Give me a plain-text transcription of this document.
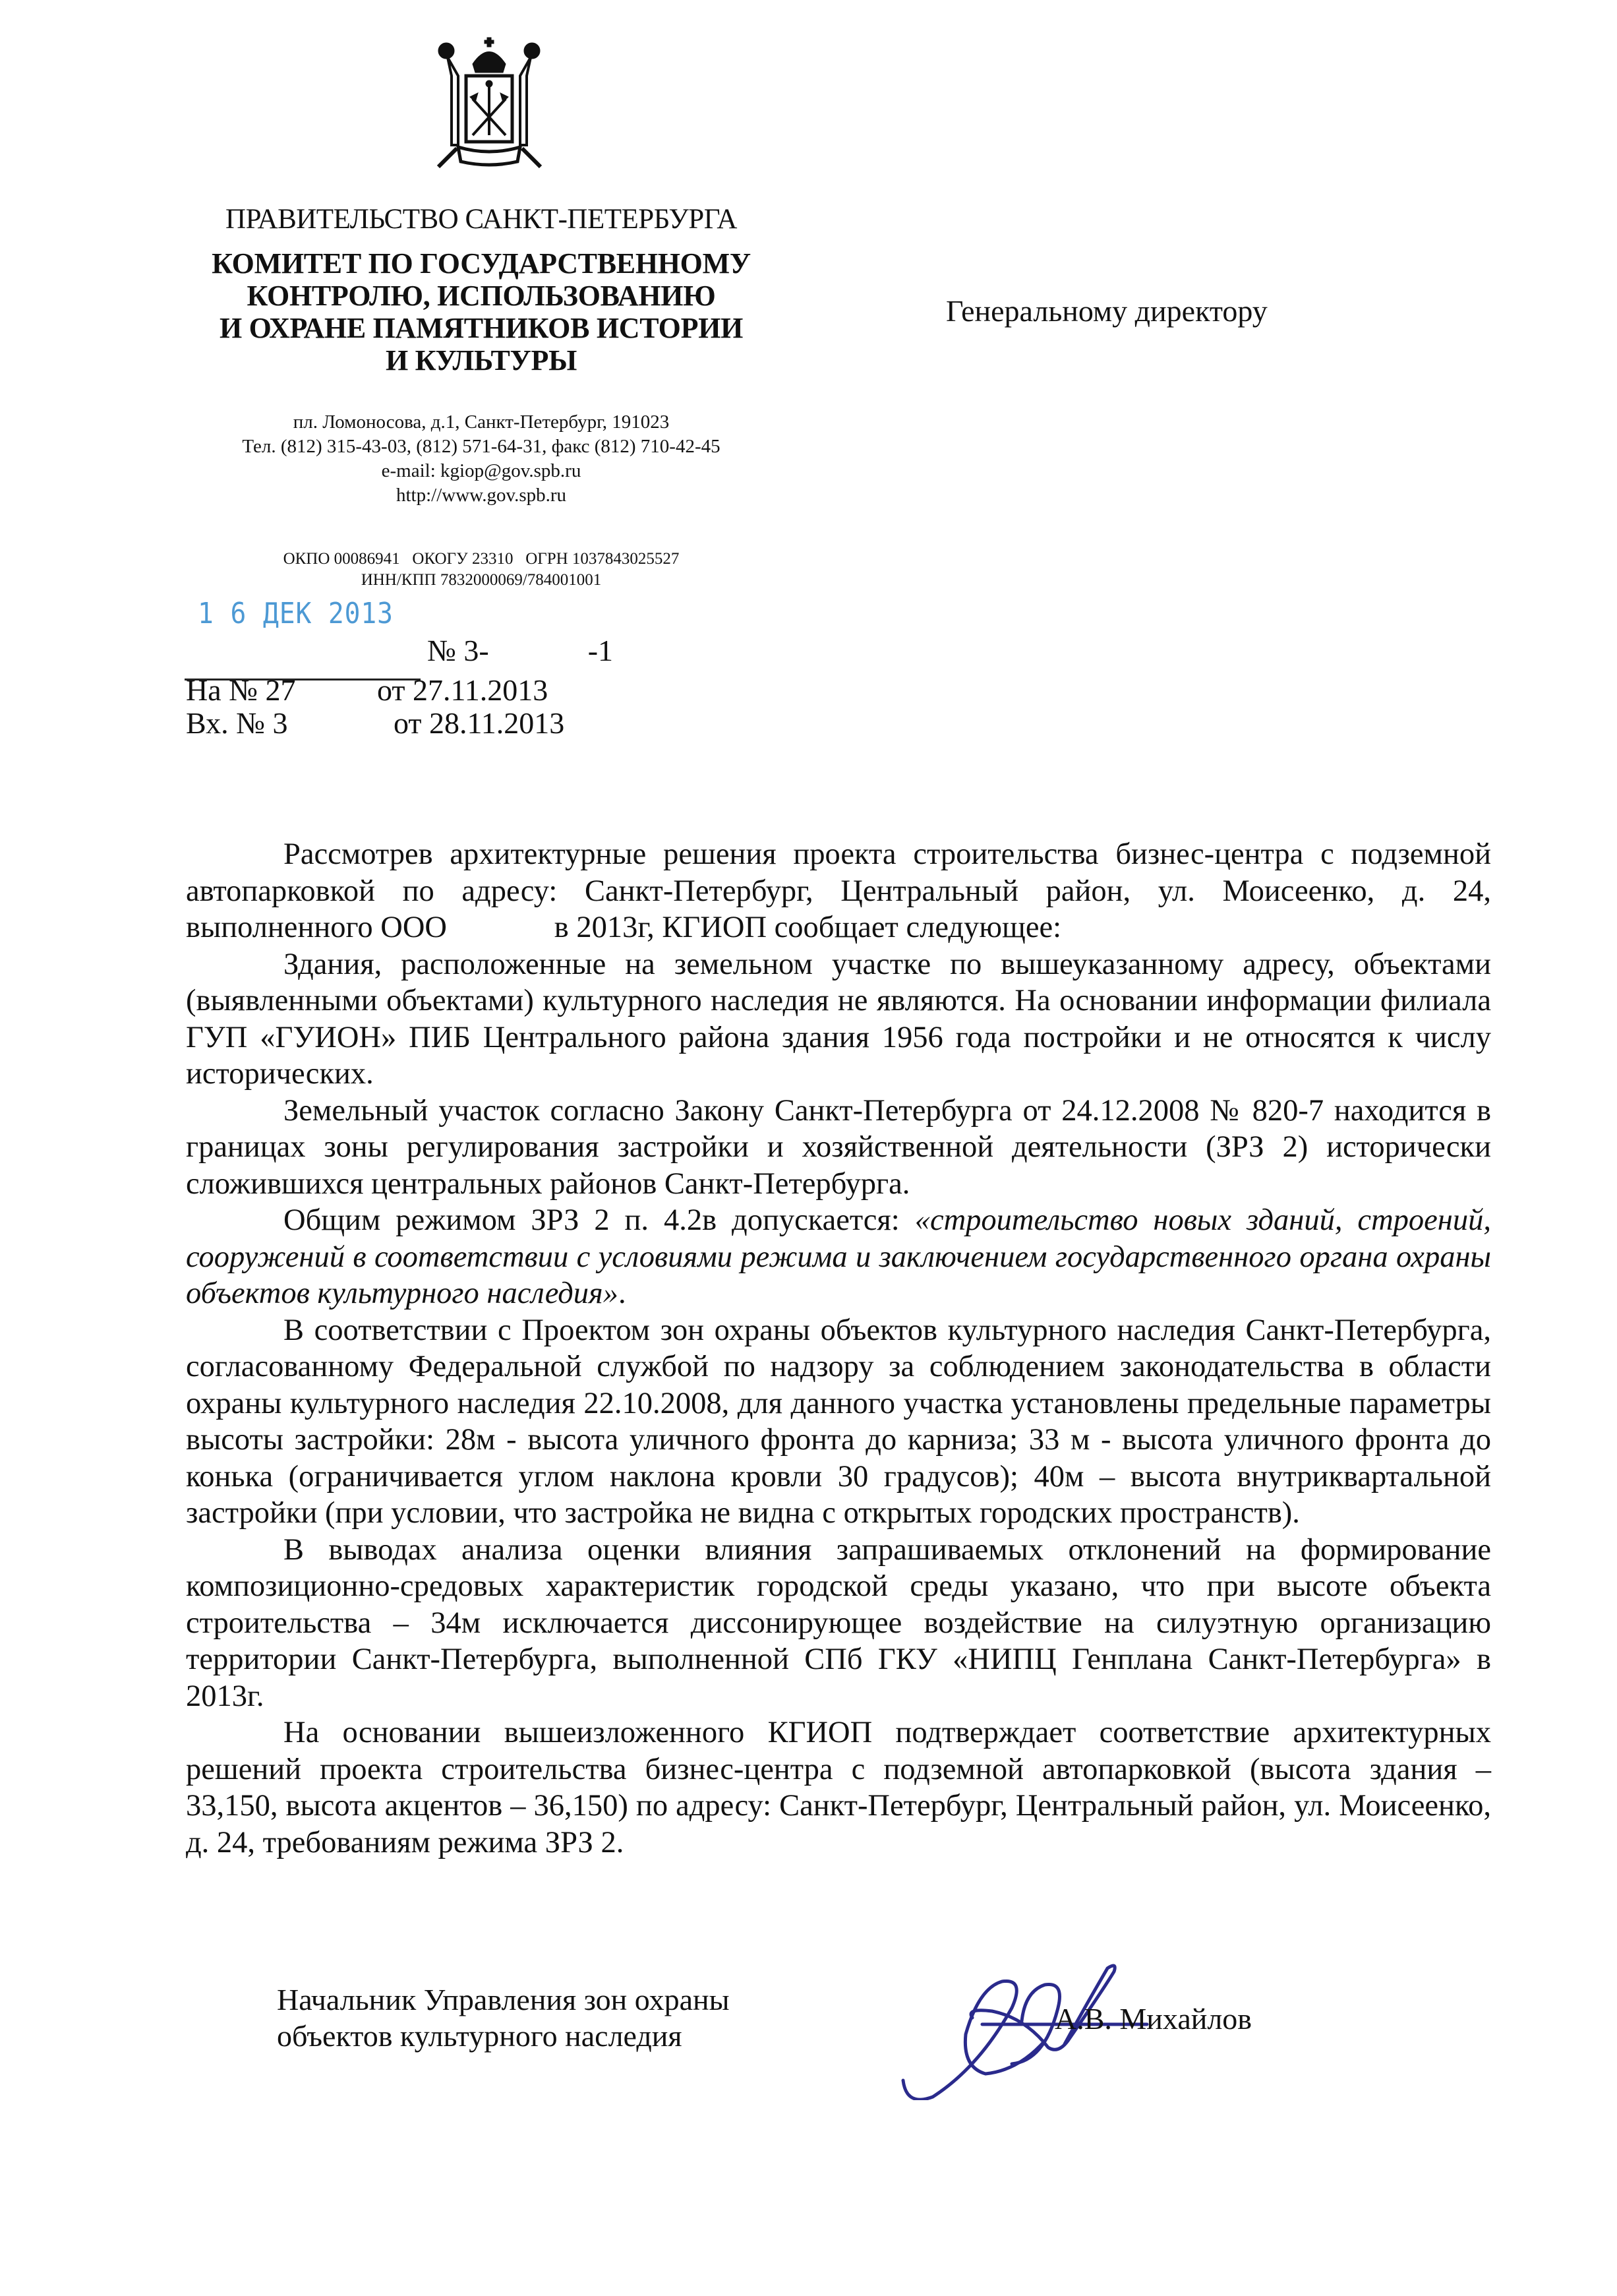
ПРАВИТЕЛЬСТВО САНКТ-ПЕТЕРБУРГА
КОМИТЕТ ПО ГОСУДАРСТВЕННОМУ
КОНТРОЛЮ, ИСПОЛЬЗОВАНИЮ
И ОХРАНЕ ПАМЯТНИКОВ ИСТОРИИ
И КУЛЬТУРЫ
пл. Ломоносова, д.1, Санкт-Петербург, 191023
Тел. (812) 315-43-03, (812) 571-64-31, факс (812) 710-42-45
e-mail: kgiop@gov.spb.ru
http://www.gov.spb.ru
ОКПО 00086941   ОКОГУ 23310   ОГРН 1037843025527
ИНН/КПП 7832000069/784001001
Генеральному директору
1 6 ДЕК 2013
№ 3-	-1
На № 27	от 27.11.2013
Вх. № 3	от 28.11.2013

Рассмотрев архитектурные решения проекта строительства бизнес-центра с подземной автопарковкой по адресу: Санкт-Петербург, Центральный район, ул. Моисеенко, д. 24, выполненного ООО              в 2013г, КГИОП сообщает следующее:

Здания, расположенные на земельном участке по вышеуказанному адресу, объектами (выявленными объектами) культурного наследия не являются. На основании информации филиала ГУП «ГУИОН» ПИБ Центрального района здания 1956 года постройки и не относятся к числу исторических.

Земельный участок согласно Закону Санкт-Петербурга от 24.12.2008 № 820-7 находится в границах зоны регулирования застройки и хозяйственной деятельности (ЗРЗ 2) исторически сложившихся центральных районов Санкт-Петербурга.

Общим режимом ЗРЗ 2 п. 4.2в допускается: «строительство новых зданий, строений, сооружений в соответствии с условиями режима и заключением государственного органа охраны объектов культурного наследия».

В соответствии с Проектом зон охраны объектов культурного наследия Санкт-Петербурга, согласованному Федеральной службой по надзору за соблюдением законодательства в области охраны культурного наследия 22.10.2008, для данного участка установлены предельные параметры высоты застройки: 28м - высота уличного фронта до карниза; 33 м - высота уличного фронта до конька (ограничивается углом наклона кровли 30 градусов); 40м – высота внутриквартальной застройки (при условии, что застройка не видна с открытых городских пространств).

В выводах анализа оценки влияния запрашиваемых отклонений на формирование композиционно-средовых характеристик городской среды указано, что при высоте объекта строительства – 34м исключается диссонирующее воздействие на силуэтную организацию территории Санкт-Петербурга, выполненной СПб ГКУ «НИПЦ Генплана Санкт-Петербурга» в 2013г.

На основании вышеизложенного КГИОП подтверждает соответствие архитектурных решений проекта строительства бизнес-центра с подземной автопарковкой (высота здания – 33,150, высота акцентов – 36,150) по адресу: Санкт-Петербург, Центральный район, ул. Моисеенко, д. 24, требованиям режима ЗРЗ 2.

Начальник Управления зон охраны
объектов культурного наследия
А.В. Михайлов
